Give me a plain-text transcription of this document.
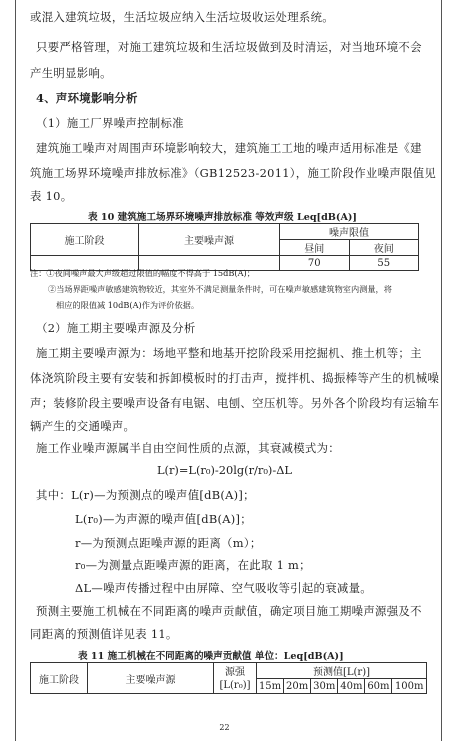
或混入建筑垃圾，生活垃圾应纳入生活垃圾收运处理系统。
只要严格管理，对施工建筑垃圾和生活垃圾做到及时清运，对当地环境不会
产生明显影响。
4、声环境影响分析
（1）施工厂界噪声控制标准
建筑施工噪声对周围声环境影响较大，建筑施工工地的噪声适用标准是《建
筑施工场界环境噪声排放标准》（GB12523-2011），施工阶段作业噪声限值见
表 10。
表 10 建筑施工场界环境噪声排放标准 等效声级 Leq[dB(A)]
施工阶段	主要噪声源	噪声限值	
		昼间	夜间
		70	55
注：①夜间噪声最大声级超过限值的幅度不得高于 15dB(A)；
②当场界距噪声敏感建筑物较近，其室外不满足测量条件时，可在噪声敏感建筑物室内测量，将
相应的限值减 10dB(A)作为评价依据。
（2）施工期主要噪声源及分析
施工期主要噪声源为：场地平整和地基开挖阶段采用挖掘机、推土机等；主
体浇筑阶段主要有安装和拆卸模板时的打击声，搅拌机、捣振棒等产生的机械噪
声；装修阶段主要噪声设备有电锯、电刨、空压机等。另外各个阶段均有运输车
辆产生的交通噪声。
施工作业噪声源属半自由空间性质的点源，其衰减模式为：
L(r)=L(r₀)-20lg(r/r₀)-ΔL
其中：L(r)—为预测点的噪声值[dB(A)]；
L(r₀)—为声源的噪声值[dB(A)]；
r—为预测点距噪声源的距离（m）；
r₀—为测量点距噪声源的距离，在此取 1 m；
ΔL—噪声传播过程中由屏障、空气吸收等引起的衰减量。
预测主要施工机械在不同距离的噪声贡献值，确定项目施工期噪声源强及不
同距离的预测值详见表 11。
表 11 施工机械在不同距离的噪声贡献值 单位：Leq[dB(A)]
施工阶段	主要噪声源	源强	预测值[L(r)]					
		[L(r₀)]	15m	20m	30m	40m	60m	100m
22
